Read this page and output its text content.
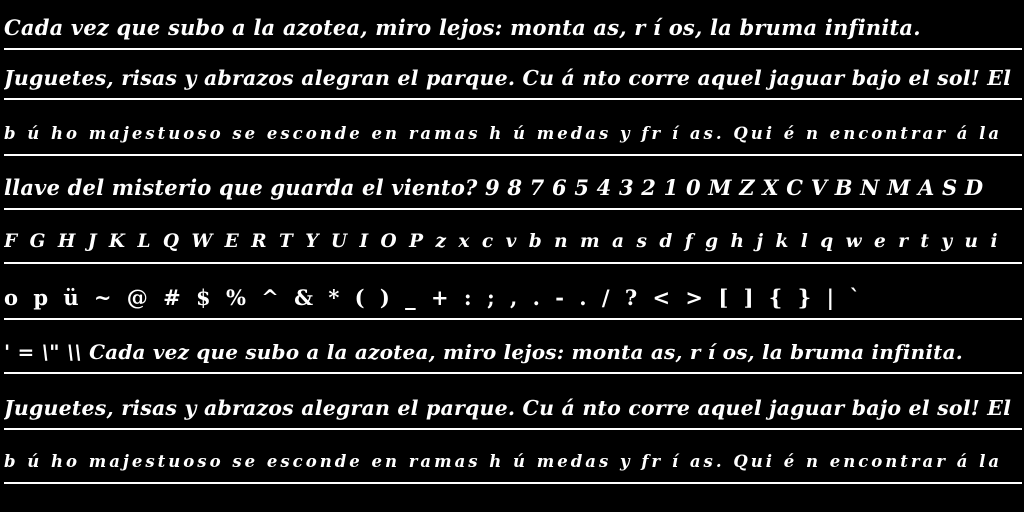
Cada vez que subo a la azotea, miro lejos: monta as, r í os, la bruma infinita.
Juguetes, risas y abrazos alegran el parque. Cu á nto corre aquel jaguar bajo el sol! El
b ú ho majestuoso se esconde en ramas h ú medas y fr í as. Qui é n encontrar á la
llave del misterio que guarda el viento? 9 8 7 6 5 4 3 2 1 0 M Z X C V B N M A S D
F G H J K L Q W E R T Y U I O P z x c v b n m a s d f g h j k l q w e r t y u i
o p ü ~ @ # $ % ^ & * ( ) _ + : ; , . - . / ? < > [ ] { } | `
' = \" \\ Cada vez que subo a la azotea, miro lejos: monta as, r í os, la bruma infinita.
Juguetes, risas y abrazos alegran el parque. Cu á nto corre aquel jaguar bajo el sol! El
b ú ho majestuoso se esconde en ramas h ú medas y fr í as. Qui é n encontrar á la
